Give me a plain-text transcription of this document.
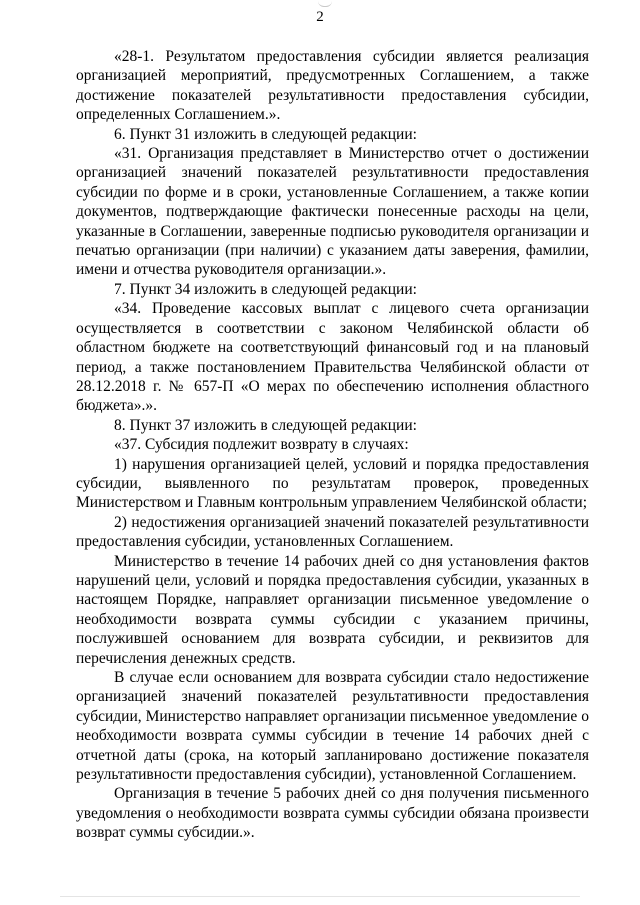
2

«28-1. Результатом предоставления субсидии является реализация организацией мероприятий, предусмотренных Соглашением, а также достижение показателей результативности предоставления субсидии, определенных Соглашением.».

6. Пункт 31 изложить в следующей редакции:

«31. Организация представляет в Министерство отчет о достижении организацией значений показателей результативности предоставления субсидии по форме и в сроки, установленные Соглашением, а также копии документов, подтверждающие фактически понесенные расходы на цели, указанные в Соглашении, заверенные подписью руководителя организации и печатью организации (при наличии) с указанием даты заверения, фамилии, имени и отчества руководителя организации.».

7. Пункт 34 изложить в следующей редакции:

«34. Проведение кассовых выплат с лицевого счета организации осуществляется в соответствии с законом Челябинской области об областном бюджете на соответствующий финансовый год и на плановый период, а также постановлением Правительства Челябинской области от 28.12.2018 г. № 657-П «О мерах по обеспечению исполнения областного бюджета».».

8. Пункт 37 изложить в следующей редакции:

«37. Субсидия подлежит возврату в случаях:

1) нарушения организацией целей, условий и порядка предоставления субсидии, выявленного по результатам проверок, проведенных Министерством и Главным контрольным управлением Челябинской области;

2) недостижения организацией значений показателей результативности предоставления субсидии, установленных Соглашением.

Министерство в течение 14 рабочих дней со дня установления фактов нарушений цели, условий и порядка предоставления субсидии, указанных в настоящем Порядке, направляет организации письменное уведомление о необходимости возврата суммы субсидии с указанием причины, послужившей основанием для возврата субсидии, и реквизитов для перечисления денежных средств.

В случае если основанием для возврата субсидии стало недостижение организацией значений показателей результативности предоставления субсидии, Министерство направляет организации письменное уведомление о необходимости возврата суммы субсидии в течение 14 рабочих дней с отчетной даты (срока, на который запланировано достижение показателя результативности предоставления субсидии), установленной Соглашением.

Организация в течение 5 рабочих дней со дня получения письменного уведомления о необходимости возврата суммы субсидии обязана произвести возврат суммы субсидии.».
